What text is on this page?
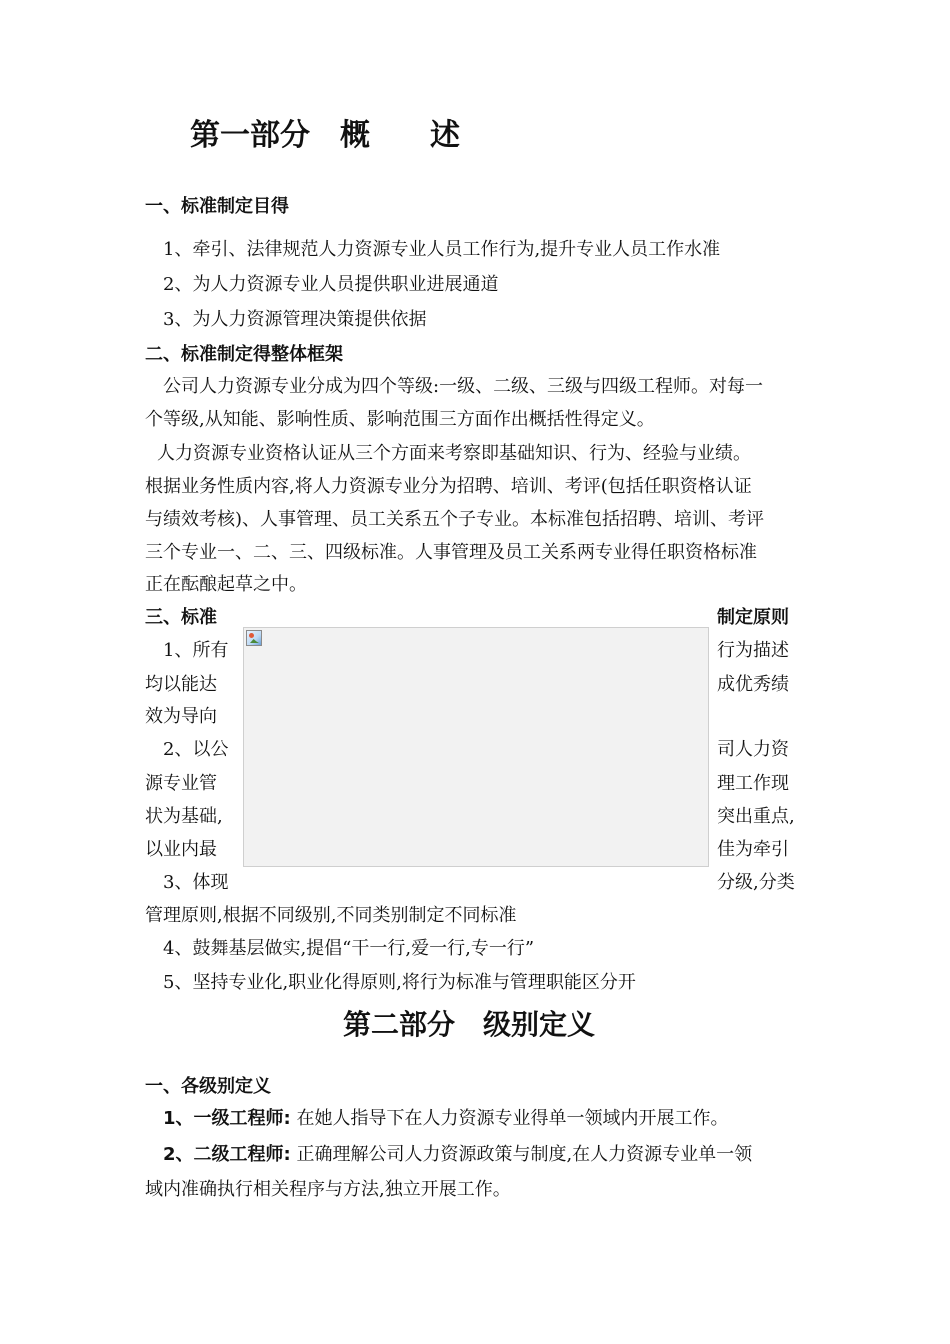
第一部分　概　　述
一、标准制定目得
1、牵引、法律规范人力资源专业人员工作行为,提升专业人员工作水准
2、为人力资源专业人员提供职业进展通道
3、为人力资源管理决策提供依据
二、标准制定得整体框架
公司人力资源专业分成为四个等级:一级、二级、三级与四级工程师。对每一
个等级,从知能、影响性质、影响范围三方面作出概括性得定义。
人力资源专业资格认证从三个方面来考察即基础知识、行为、经验与业绩。
根据业务性质内容,将人力资源专业分为招聘、培训、考评(包括任职资格认证
与绩效考核)、人事管理、员工关系五个子专业。本标准包括招聘、培训、考评
三个专业一、二、三、四级标准。人事管理及员工关系两专业得任职资格标准
正在酝酿起草之中。
三、标准	制定原则
1、所有	行为描述
均以能达	成优秀绩
效为导向
2、以公	司人力资
源专业管	理工作现
状为基础,	突出重点,
以业内最	佳为牵引
3、体现	分级,分类
管理原则,根据不同级别,不同类别制定不同标准
4、鼓舞基层做实,提倡“干一行,爱一行,专一行”
5、坚持专业化,职业化得原则,将行为标准与管理职能区分开
第二部分　级别定义
一、各级别定义
1、一级工程师: 在她人指导下在人力资源专业得单一领域内开展工作。
2、二级工程师: 正确理解公司人力资源政策与制度,在人力资源专业单一领
域内准确执行相关程序与方法,独立开展工作。
